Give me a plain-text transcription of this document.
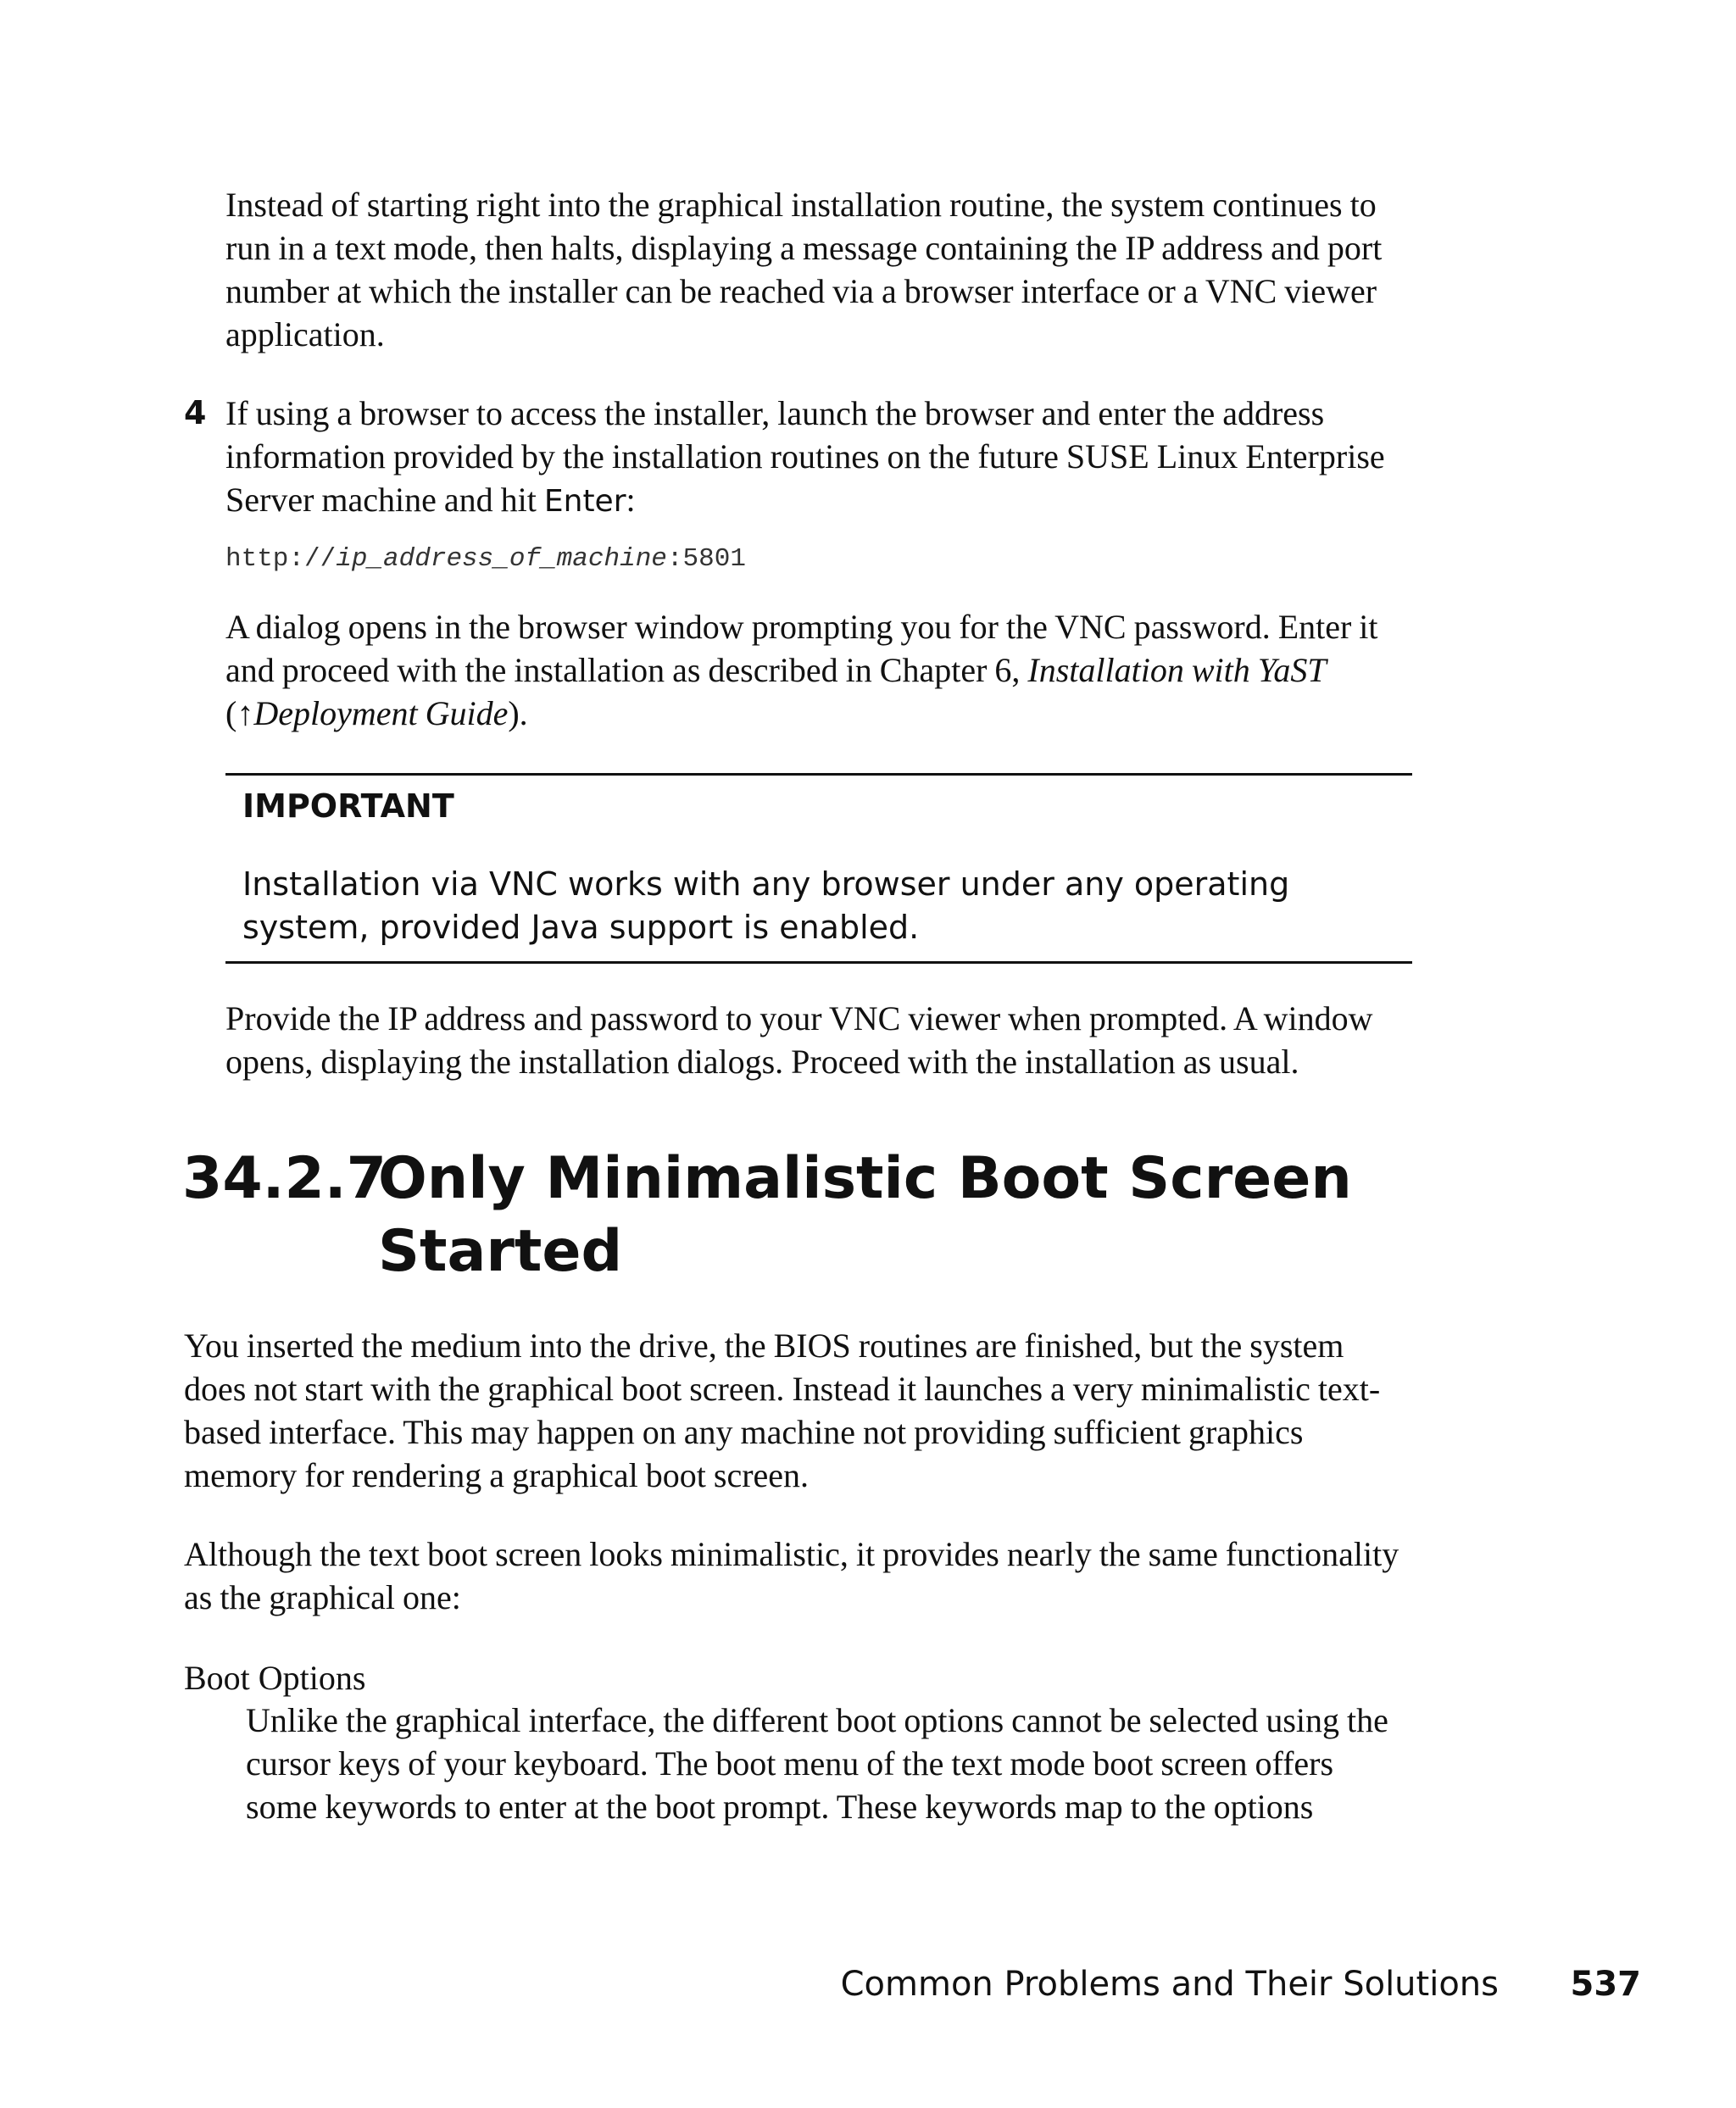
Instead of starting right into the graphical installation routine, the system continues to run in a text mode, then halts, displaying a message containing the IP address and port number at which the installer can be reached via a browser interface or a VNC viewer application.

4 If using a browser to access the installer, launch the browser and enter the address information provided by the installation routines on the future SUSE Linux Enterprise Server machine and hit Enter:

http://ip_address_of_machine:5801

A dialog opens in the browser window prompting you for the VNC password. Enter it and proceed with the installation as described in Chapter 6, Installation with YaST (↑Deployment Guide).

IMPORTANT

Installation via VNC works with any browser under any operating system, provided Java support is enabled.

Provide the IP address and password to your VNC viewer when prompted. A window opens, displaying the installation dialogs. Proceed with the installation as usual.

34.2.7
Only Minimalistic Boot Screen Started

You inserted the medium into the drive, the BIOS routines are finished, but the system does not start with the graphical boot screen. Instead it launches a very minimalistic text-based interface. This may happen on any machine not providing sufficient graphics memory for rendering a graphical boot screen.

Although the text boot screen looks minimalistic, it provides nearly the same functionality as the graphical one:

Boot Options

Unlike the graphical interface, the different boot options cannot be selected using the cursor keys of your keyboard. The boot menu of the text mode boot screen offers some keywords to enter at the boot prompt. These keywords map to the options

Common Problems and Their Solutions 537
